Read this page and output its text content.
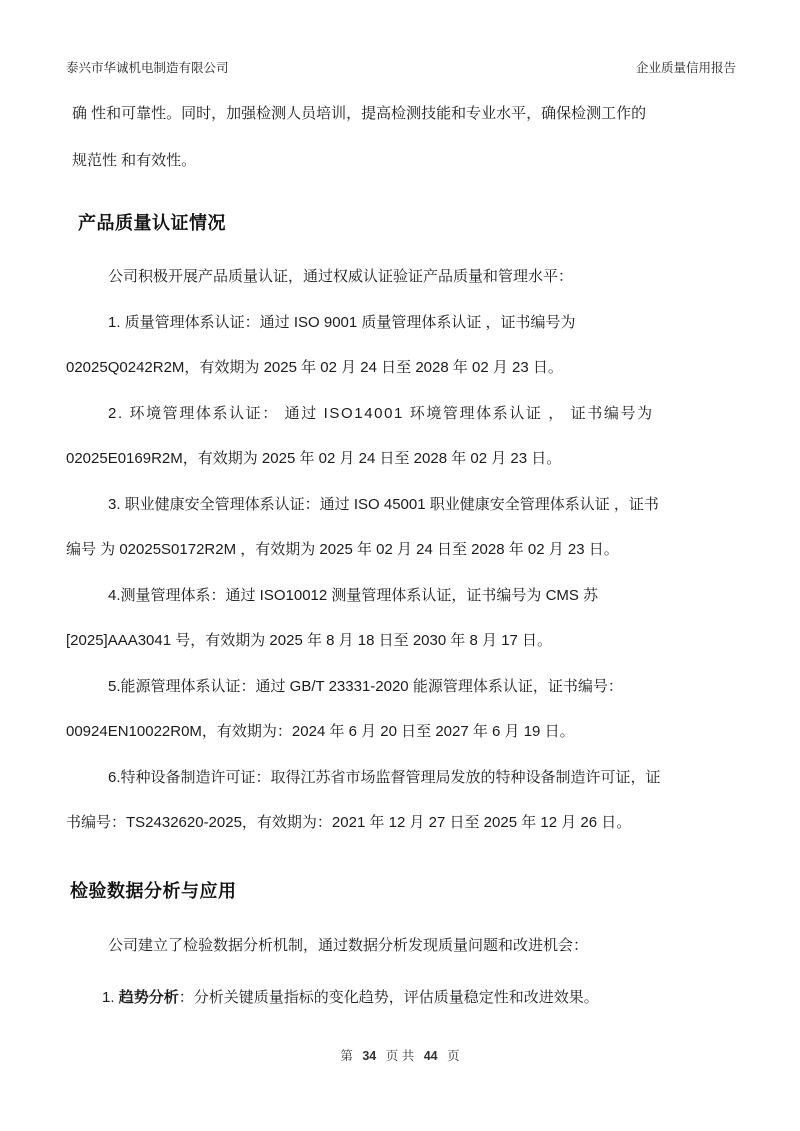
泰兴市华诚机电制造有限公司	企业质量信用报告
确 性和可靠性。同时，加强检测人员培训，提高检测技能和专业水平，确保检测工作的
规范性 和有效性。
产品质量认证情况
公司积极开展产品质量认证，通过权威认证验证产品质量和管理水平：
1. 质量管理体系认证：通过 ISO 9001 质量管理体系认证 ，证书编号为
02025Q0242R2M，有效期为 2025 年 02 月 24 日至 2028 年 02 月 23 日。
2. 环境管理体系认证： 通过 ISO14001 环境管理体系认证 ， 证书编号为
02025E0169R2M，有效期为 2025 年 02 月 24 日至 2028 年 02 月 23 日。
3. 职业健康安全管理体系认证：通过 ISO 45001 职业健康安全管理体系认证 ，证书
编号 为 02025S0172R2M ，有效期为 2025 年 02 月 24 日至 2028 年 02 月 23 日。
4.测量管理体系：通过 ISO10012 测量管理体系认证，证书编号为 CMS 苏
[2025]AAA3041 号，有效期为 2025 年 8 月 18 日至 2030 年 8 月 17 日。
5.能源管理体系认证：通过 GB/T 23331-2020 能源管理体系认证，证书编号：
00924EN10022R0M，有效期为：2024 年 6 月 20 日至 2027 年 6 月 19 日。
6.特种设备制造许可证：取得江苏省市场监督管理局发放的特种设备制造许可证，证
书编号：TS2432620-2025，有效期为：2021 年 12 月 27 日至 2025 年 12 月 26 日。
检验数据分析与应用
公司建立了检验数据分析机制，通过数据分析发现质量问题和改进机会：
1. 趋势分析：分析关键质量指标的变化趋势，评估质量稳定性和改进效果。
第 34 页 共 44 页
